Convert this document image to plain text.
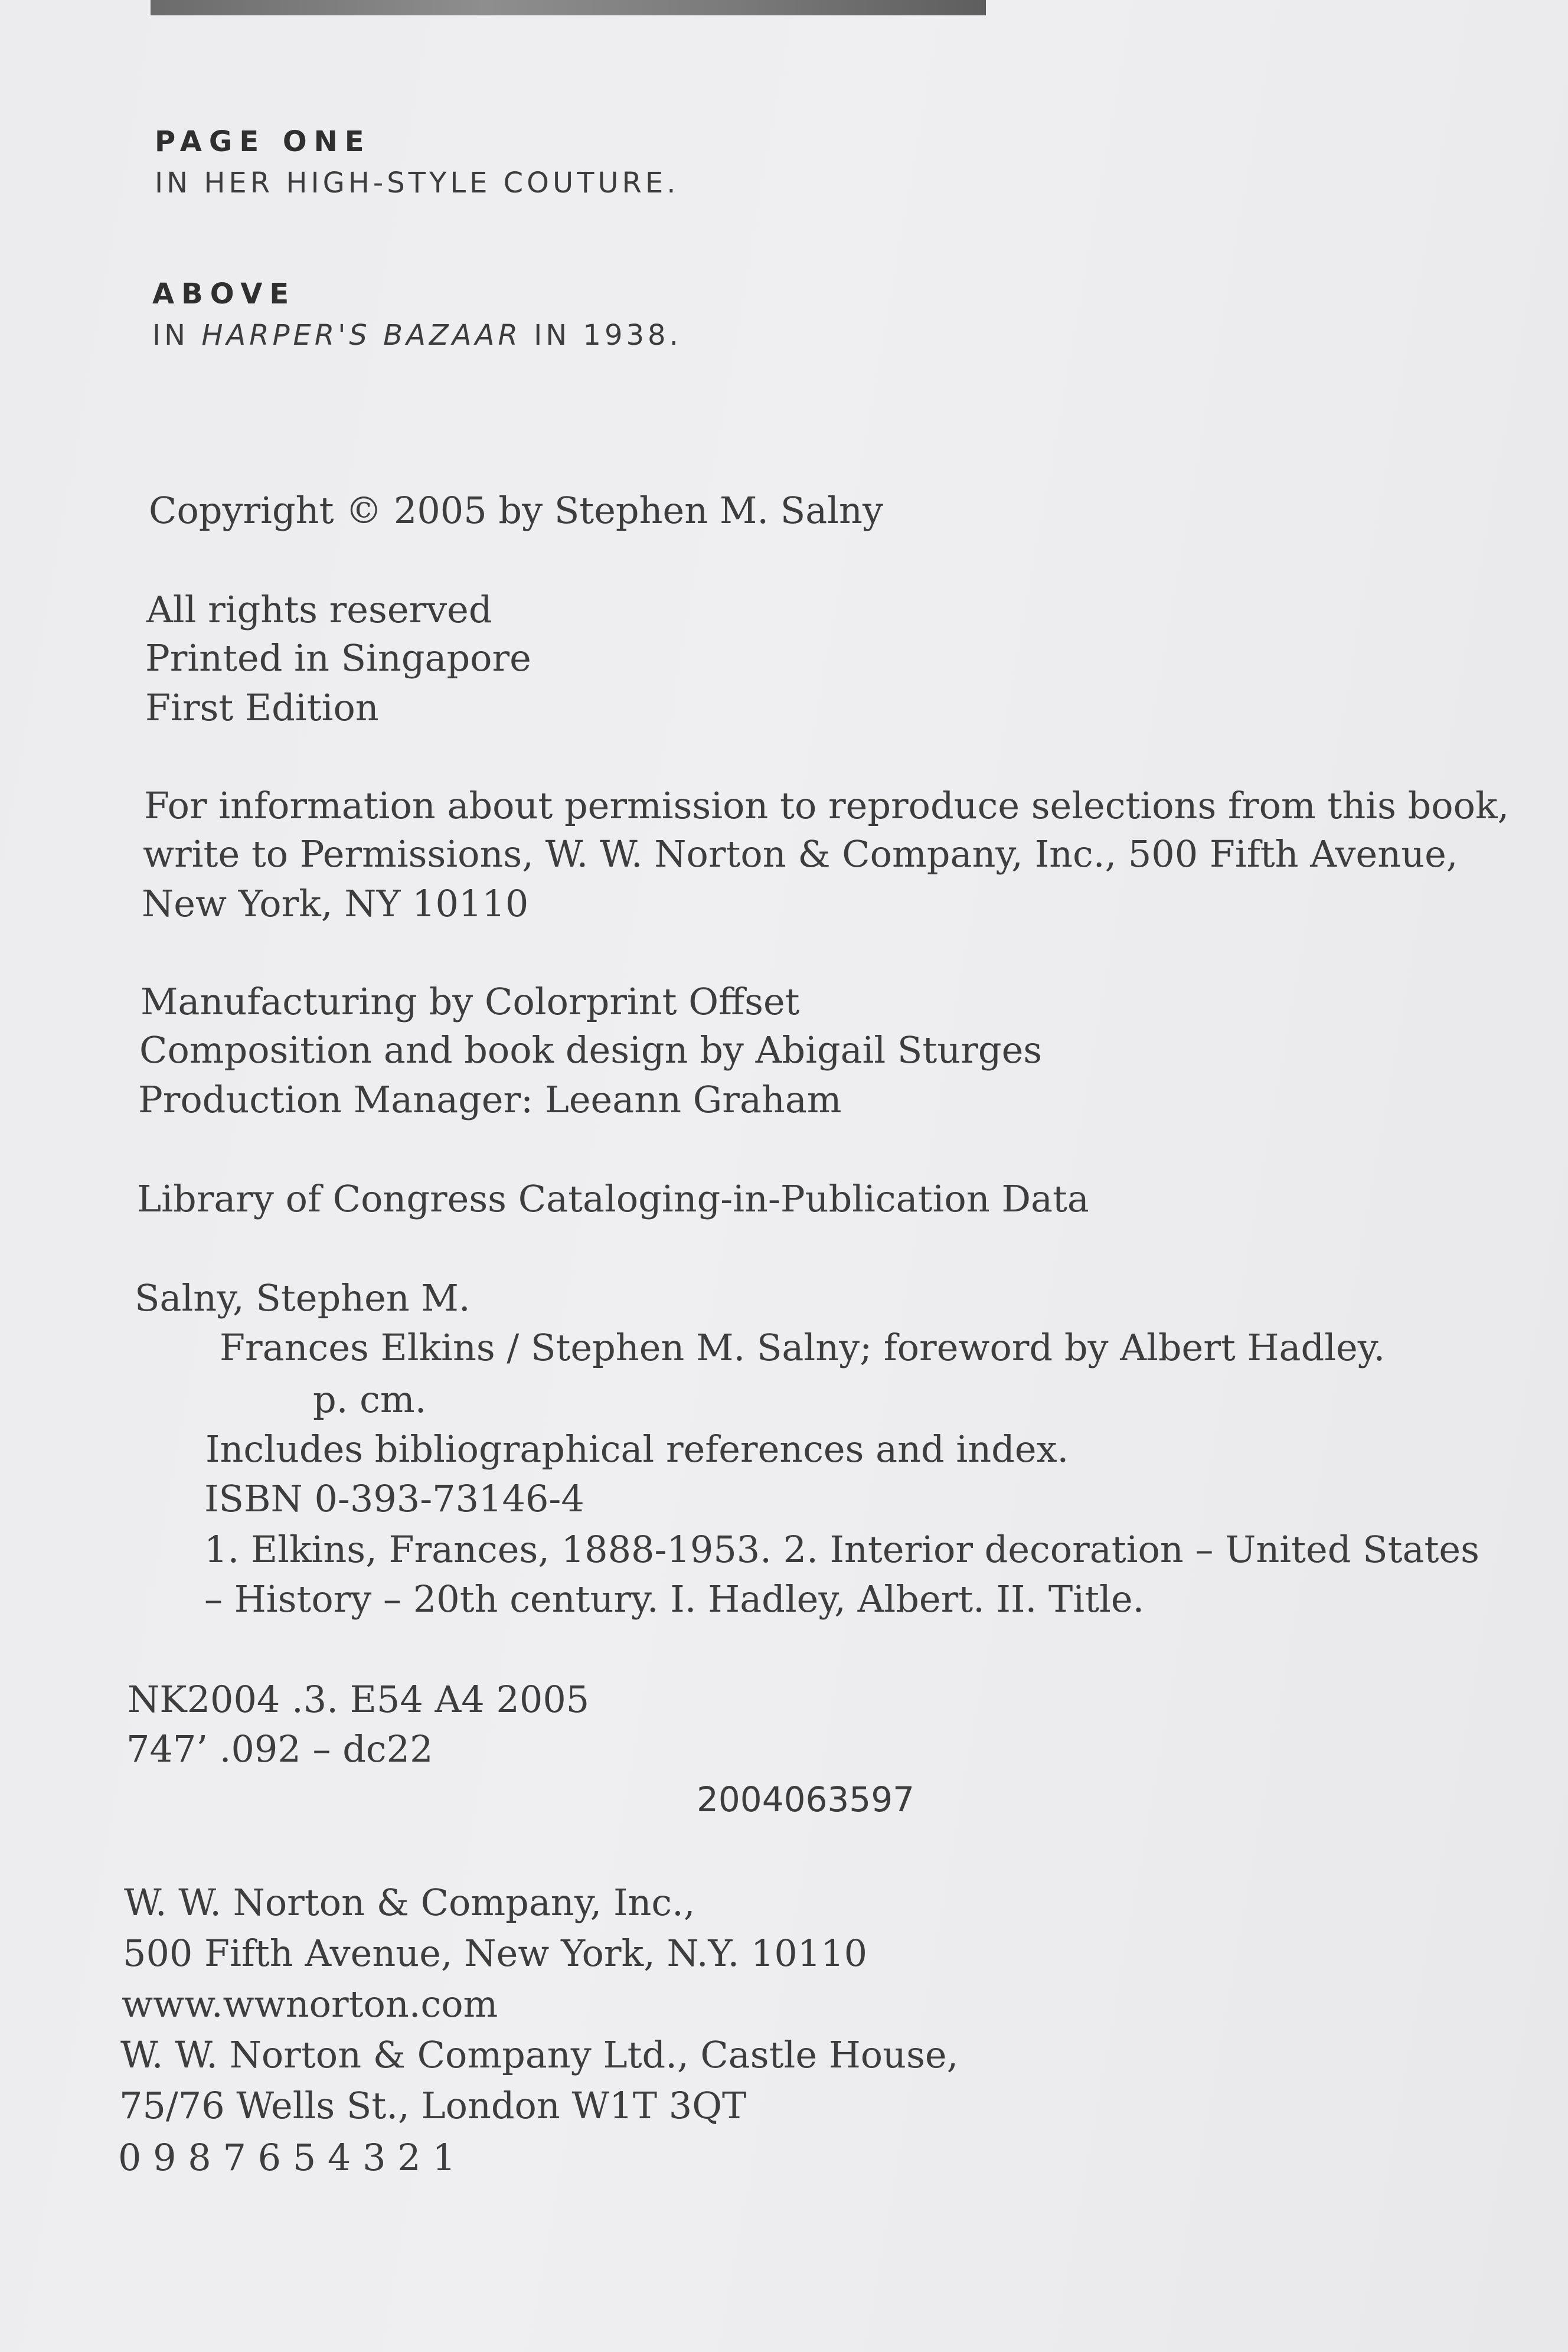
PAGE ONE
IN HER HIGH-STYLE COUTURE.
ABOVE
IN HARPER'S BAZAAR IN 1938.
Copyright © 2005 by Stephen M. Salny
All rights reserved
Printed in Singapore
First Edition
For information about permission to reproduce selections from this book,
write to Permissions, W. W. Norton & Company, Inc., 500 Fifth Avenue,
New York, NY 10110
Manufacturing by Colorprint Offset
Composition and book design by Abigail Sturges
Production Manager: Leeann Graham
Library of Congress Cataloging-in-Publication Data
Salny, Stephen M.
Frances Elkins / Stephen M. Salny; foreword by Albert Hadley.
p. cm.
Includes bibliographical references and index.
ISBN 0-393-73146-4
1. Elkins, Frances, 1888-1953. 2. Interior decoration – United States
– History – 20th century. I. Hadley, Albert. II. Title.
NK2004 .3. E54 A4 2005
747’ .092 – dc22
2004063597
W. W. Norton & Company, Inc.,
500 Fifth Avenue, New York, N.Y. 10110
www.wwnorton.com
W. W. Norton & Company Ltd., Castle House,
75/76 Wells St., London W1T 3QT
0 9 8 7 6 5 4 3 2 1
